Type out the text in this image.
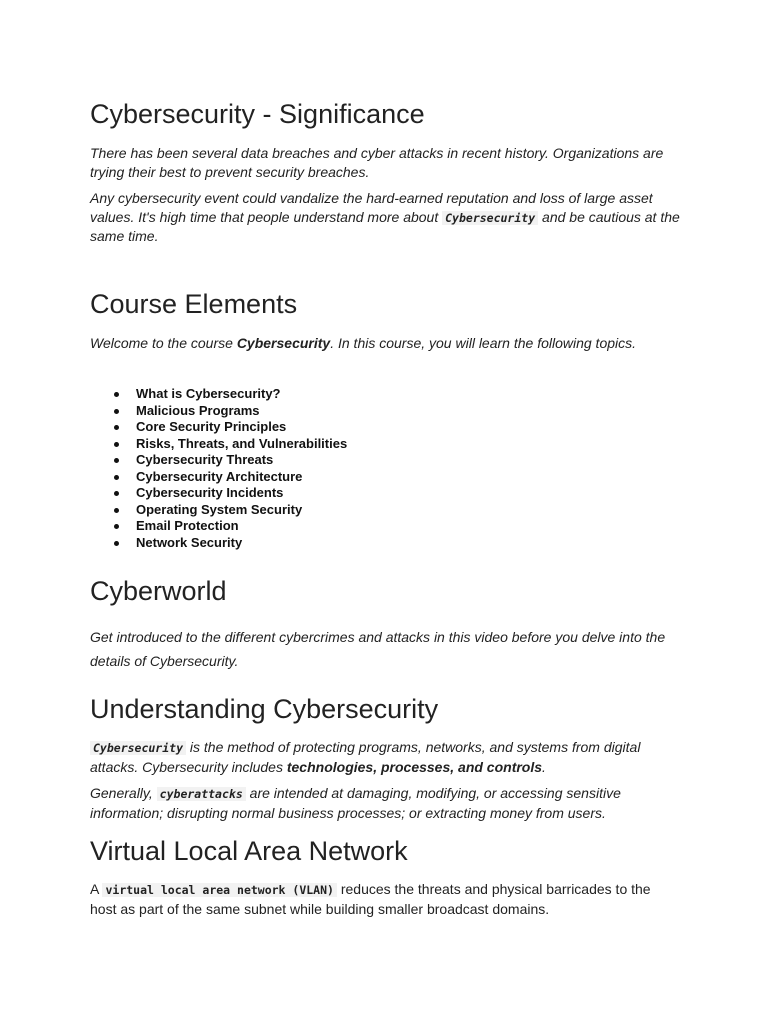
Cybersecurity - Significance

There has been several data breaches and cyber attacks in recent history. Organizations are trying their best to prevent security breaches.

Any cybersecurity event could vandalize the hard-earned reputation and loss of large asset values. It's high time that people understand more about Cybersecurity and be cautious at the same time.

Course Elements

Welcome to the course Cybersecurity. In this course, you will learn the following topics.

What is Cybersecurity?
Malicious Programs
Core Security Principles
Risks, Threats, and Vulnerabilities
Cybersecurity Threats
Cybersecurity Architecture
Cybersecurity Incidents
Operating System Security
Email Protection
Network Security
Cyberworld

Get introduced to the different cybercrimes and attacks in this video before you delve into the details of Cybersecurity.

Understanding Cybersecurity

Cybersecurity is the method of protecting programs, networks, and systems from digital attacks. Cybersecurity includes technologies, processes, and controls.

Generally, cyberattacks are intended at damaging, modifying, or accessing sensitive information; disrupting normal business processes; or extracting money from users.

Virtual Local Area Network

A virtual local area network (VLAN) reduces the threats and physical barricades to the host as part of the same subnet while building smaller broadcast domains.
